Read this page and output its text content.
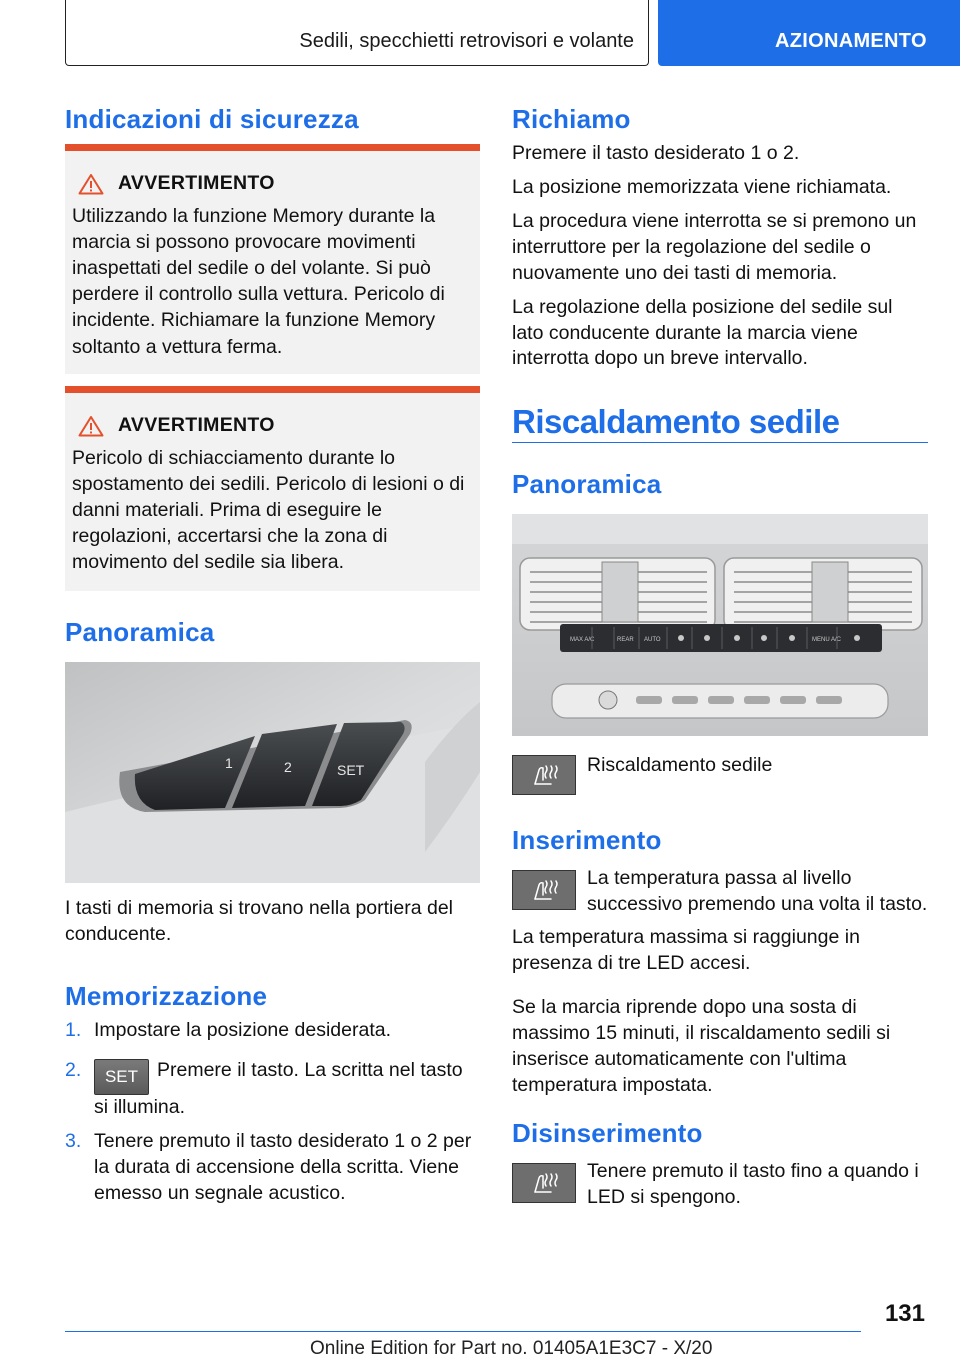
Sedili, specchietti retrovisori e volante	AZIONAMENTO
Indicazioni di sicurezza
AVVERTIMENTO

Utilizzando la funzione Memory durante la marcia si possono provocare movimenti inaspettati del sedile o del volante. Si può perdere il controllo sulla vettura. Pericolo di incidente. Richiamare la funzione Memory soltanto a vettura ferma.

AVVERTIMENTO

Pericolo di schiacciamento durante lo spostamento dei sedili. Pericolo di lesioni o di danni materiali. Prima di eseguire le regolazioni, accertarsi che la zona di movimento del sedile sia libera.

Panoramica
1	2	SET

I tasti di memoria si trovano nella portiera del conducente.

Memorizzazione
1. Impostare la posizione desiderata.
2. SET Premere il tasto. La scritta nel tasto si illumina.
3. Tenere premuto il tasto desiderato 1 o 2 per la durata di accensione della scritta. Viene emesso un segnale acustico.
Richiamo

Premere il tasto desiderato 1 o 2.

La posizione memorizzata viene richiamata.

La procedura viene interrotta se si premono un interruttore per la regolazione del sedile o nuovamente uno dei tasti di memoria.

La regolazione della posizione del sedile sul lato conducente durante la marcia viene interrotta dopo un breve intervallo.

Riscaldamento sedile
Panoramica
MAX A/C	REAR AUTO	MENU A/C
Riscaldamento sedile
Inserimento
La temperatura passa al livello successivo premendo una volta il tasto.

La temperatura massima si raggiunge in presenza di tre LED accesi.

Se la marcia riprende dopo una sosta di massimo 15 minuti, il riscaldamento sedili si inserisce automaticamente con l'ultima temperatura impostata.

Disinserimento
Tenere premuto il tasto fino a quando i LED si spengono.
131
Online Edition for Part no. 01405A1E3C7 - X/20
